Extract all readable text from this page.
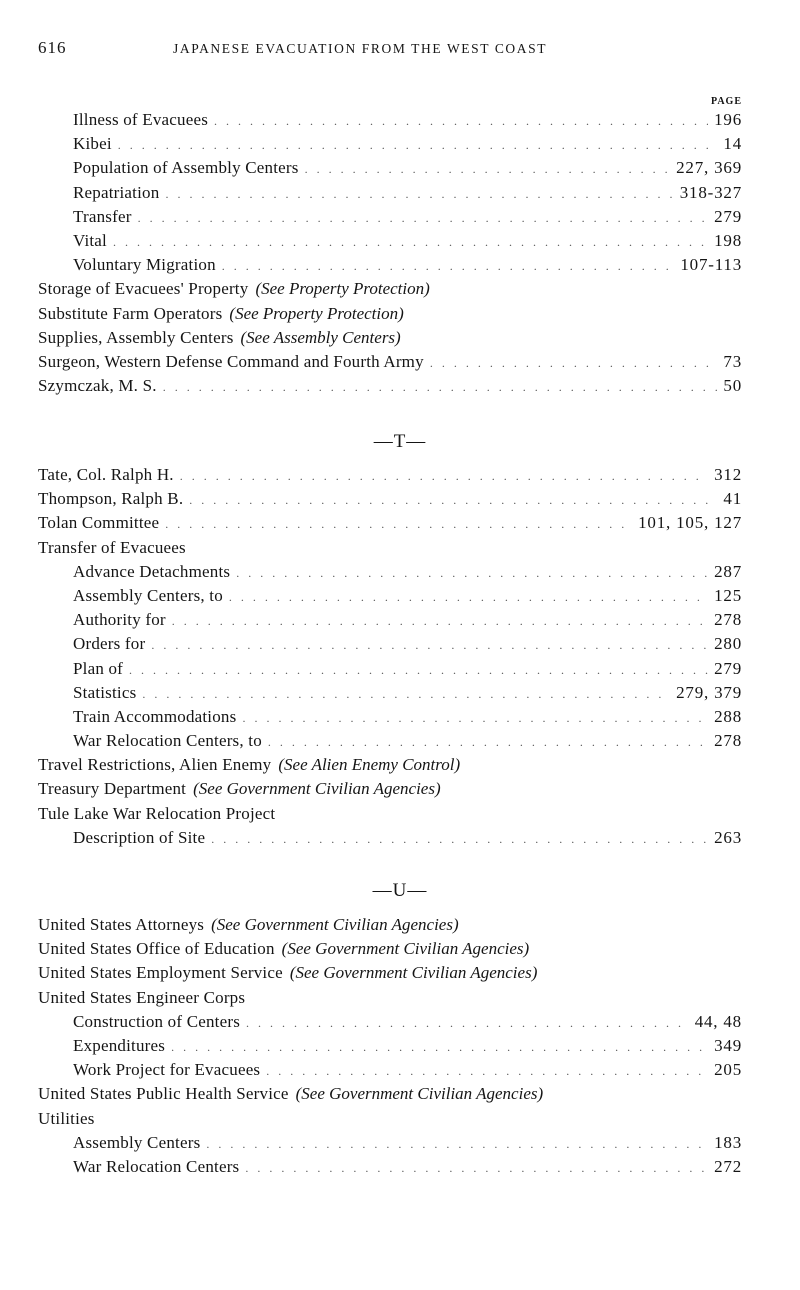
616	JAPANESE EVACUATION FROM THE WEST COAST
PAGE
Illness of Evacuees . . .	196
Kibei . . .	14
Population of Assembly Centers . . .	227, 369
Repatriation . . .	318-327
Transfer . . .	279
Vital . . .	198
Voluntary Migration . . .	107-113
Storage of Evacuees' Property (See Property Protection)
Substitute Farm Operators (See Property Protection)
Supplies, Assembly Centers (See Assembly Centers)
Surgeon, Western Defense Command and Fourth Army . . .	73
Szymczak, M. S. . . .	50
—T—
Tate, Col. Ralph H. . . .	312
Thompson, Ralph B. . . .	41
Tolan Committee . . .	101, 105, 127
Transfer of Evacuees
Advance Detachments . . .	287
Assembly Centers, to . . .	125
Authority for . . .	278
Orders for . . .	280
Plan of . . .	279
Statistics . . .	279, 379
Train Accommodations . . .	288
War Relocation Centers, to . . .	278
Travel Restrictions, Alien Enemy (See Alien Enemy Control)
Treasury Department (See Government Civilian Agencies)
Tule Lake War Relocation Project
Description of Site . . .	263
—U—
United States Attorneys (See Government Civilian Agencies)
United States Office of Education (See Government Civilian Agencies)
United States Employment Service (See Government Civilian Agencies)
United States Engineer Corps
Construction of Centers . . .	44, 48
Expenditures . . .	349
Work Project for Evacuees . . .	205
United States Public Health Service (See Government Civilian Agencies)
Utilities
Assembly Centers . . .	183
War Relocation Centers . . .	272
